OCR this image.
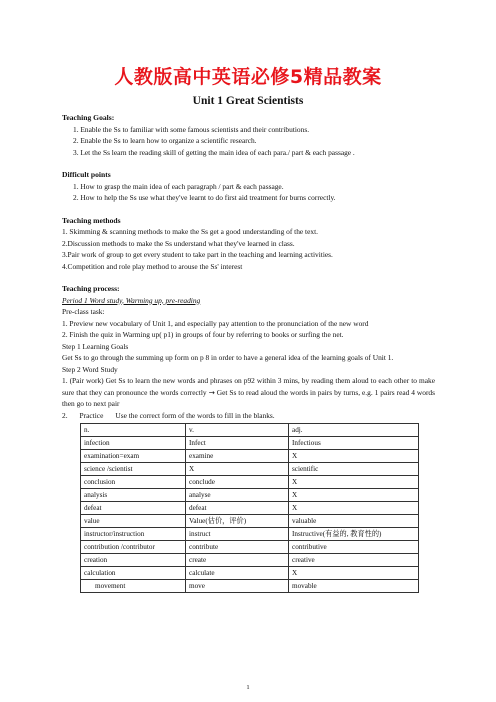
人教版高中英语必修5精品教案
Unit 1 Great Scientists
Teaching Goals:
1. Enable the Ss to familiar with some famous scientists and their contributions.
2. Enable the Ss to learn how to organize a scientific research.
3. Let the Ss learn the reading skill of getting the main idea of each para./ part & each passage .
Difficult points
1. How to grasp the main idea of each paragraph / part & each passage.
2. How to help the Ss use what they've learnt to do first aid treatment for burns correctly.
Teaching methods
1. Skimming & scanning methods to make the Ss get a good understanding of the text.
2.Discussion methods to make the Ss understand what they've learned in class.
3.Pair work of group to get every student to take part in the teaching and learning activities.
4.Competition and role play method to arouse the Ss' interest
Teaching process:
Period 1 Word study, Warming up, pre-reading
Pre-class task:
1. Preview new vocabulary of Unit 1, and especially pay attention to the pronunciation of the new word
2. Finish the quiz in Warming up( p1) in groups of four by referring to books or surfing the net.
Step 1 Learning Goals
Get Ss to go through the summing up form on p 8 in order to have a general idea of the learning goals of Unit 1.
Step 2 Word Study
1. (Pair work) Get Ss to learn the new words and phrases on p92 within 3 mins, by reading them aloud to each other to make sure that they can pronounce the words correctly → Get Ss to read aloud the words in pairs by turns, e.g. 1 pairs read 4 words then go to next pair
2. Practice Use the correct form of the words to fill in the blanks.
n.	v.	adj.
infection	Infect	Infectious
examination=exam	examine	X
science /scientist	X	scientific
conclusion	conclude	X
analysis	analyse	X
defeat	defeat	X
value	Value(估价，评价)	valuable
instructor/instruction	instruct	Instructive(有益的, 教育性的)
contribution /contributor	contribute	contributive
creation	create	creative
calculation	calculate	X
movement	move	movable
1
